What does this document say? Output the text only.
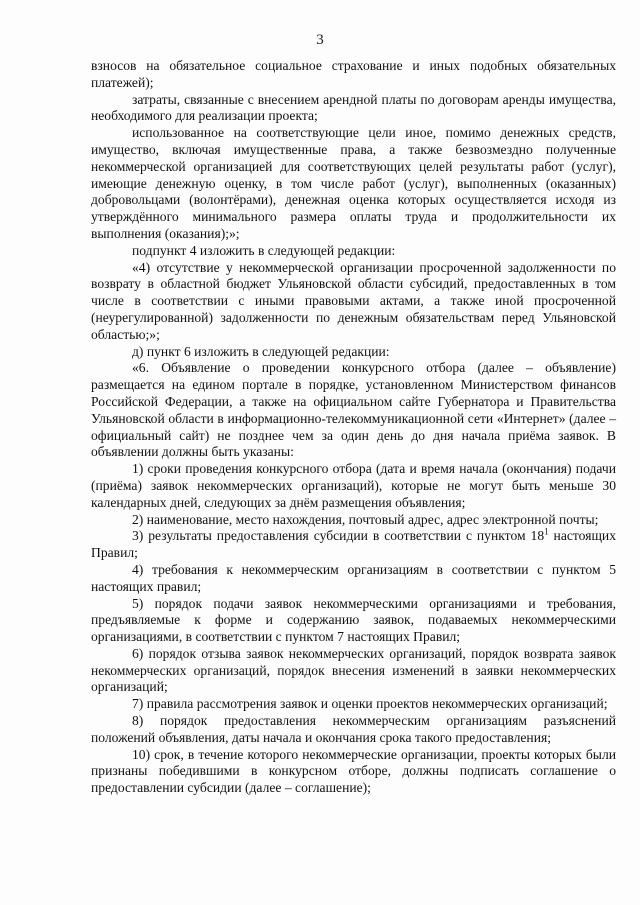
3

взносов на обязательное социальное страхование и иных подобных обязательных платежей);

затраты, связанные с внесением арендной платы по договорам аренды имущества, необходимого для реализации проекта;

использованное на соответствующие цели иное, помимо денежных средств, имущество, включая имущественные права, а также безвозмездно полученные некоммерческой организацией для соответствующих целей результаты работ (услуг), имеющие денежную оценку, в том числе работ (услуг), выполненных (оказанных) добровольцами (волонтёрами), денежная оценка которых осуществляется исходя из утверждённого минимального размера оплаты труда и продолжительности их выполнения (оказания);»;

подпункт 4 изложить в следующей редакции:

«4) отсутствие у некоммерческой организации просроченной задолженности по возврату в областной бюджет Ульяновской области субсидий, предоставленных в том числе в соответствии с иными правовыми актами, а также иной просроченной (неурегулированной) задолженности по денежным обязательствам перед Ульяновской областью;»;

д) пункт 6 изложить в следующей редакции:

«6. Объявление о проведении конкурсного отбора (далее – объявление) размещается на едином портале в порядке, установленном Министерством финансов Российской Федерации, а также на официальном сайте Губернатора и Правительства Ульяновской области в информационно-телекоммуникационной сети «Интернет» (далее – официальный сайт) не позднее чем за один день до дня начала приёма заявок. В объявлении должны быть указаны:

1) сроки проведения конкурсного отбора (дата и время начала (окончания) подачи (приёма) заявок некоммерческих организаций), которые не могут быть меньше 30 календарных дней, следующих за днём размещения объявления;

2) наименование, место нахождения, почтовый адрес, адрес электронной почты;

3) результаты предоставления субсидии в соответствии с пунктом $18^1$ настоящих Правил;

4) требования к некоммерческим организациям в соответствии с пунктом 5 настоящих правил;

5) порядок подачи заявок некоммерческими организациями и требования, предъявляемые к форме и содержанию заявок, подаваемых некоммерческими организациями, в соответствии с пунктом 7 настоящих Правил;

6) порядок отзыва заявок некоммерческих организаций, порядок возврата заявок некоммерческих организаций, порядок внесения изменений в заявки некоммерческих организаций;

7) правила рассмотрения заявок и оценки проектов некоммерческих организаций;

8) порядок предоставления некоммерческим организациям разъяснений положений объявления, даты начала и окончания срока такого предоставления;

10) срок, в течение которого некоммерческие организации, проекты которых были признаны победившими в конкурсном отборе, должны подписать соглашение о предоставлении субсидии (далее – соглашение);
